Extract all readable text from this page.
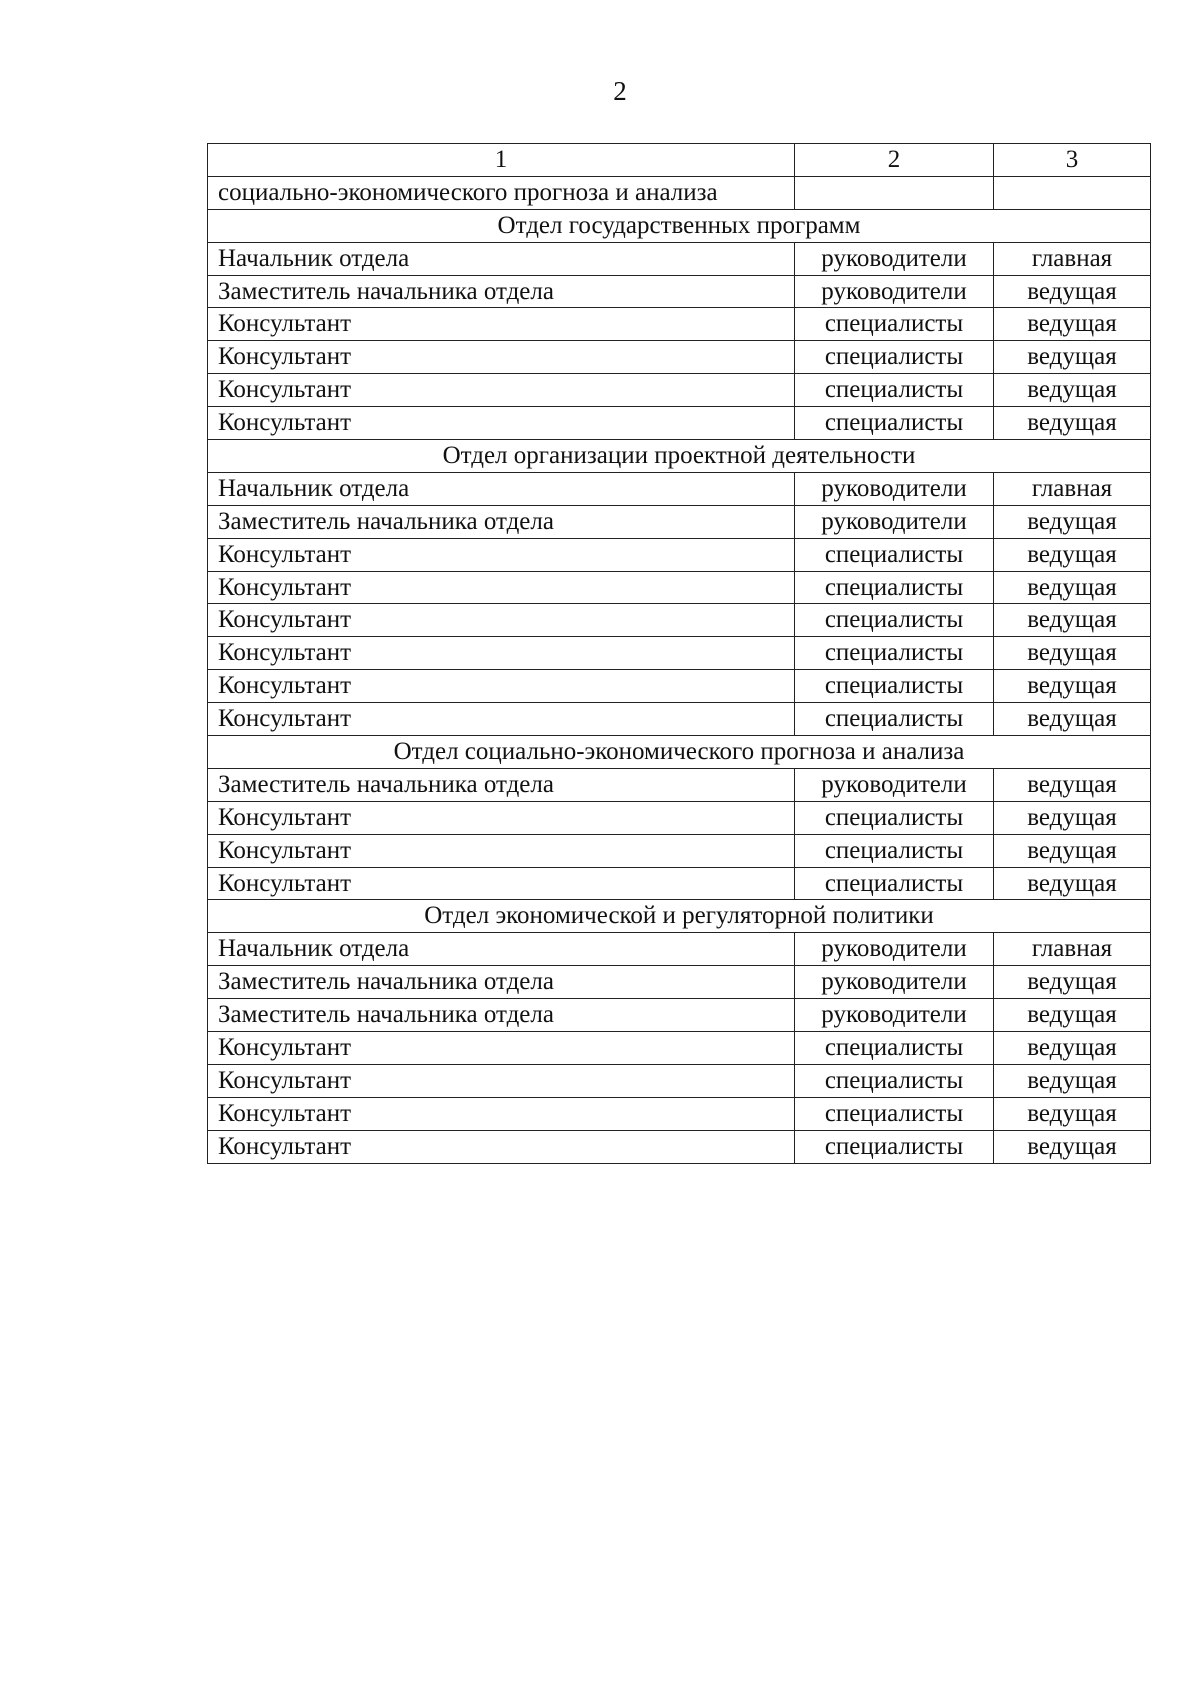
2
1	2	3
социально-экономического прогноза и анализа		
Отдел государственных программ		
Начальник отдела	руководители	главная
Заместитель начальника отдела	руководители	ведущая
Консультант	специалисты	ведущая
Консультант	специалисты	ведущая
Консультант	специалисты	ведущая
Консультант	специалисты	ведущая
Отдел организации проектной деятельности		
Начальник отдела	руководители	главная
Заместитель начальника отдела	руководители	ведущая
Консультант	специалисты	ведущая
Консультант	специалисты	ведущая
Консультант	специалисты	ведущая
Консультант	специалисты	ведущая
Консультант	специалисты	ведущая
Консультант	специалисты	ведущая
Отдел социально-экономического прогноза и анализа		
Заместитель начальника отдела	руководители	ведущая
Консультант	специалисты	ведущая
Консультант	специалисты	ведущая
Консультант	специалисты	ведущая
Отдел экономической и регуляторной политики		
Начальник отдела	руководители	главная
Заместитель начальника отдела	руководители	ведущая
Заместитель начальника отдела	руководители	ведущая
Консультант	специалисты	ведущая
Консультант	специалисты	ведущая
Консультант	специалисты	ведущая
Консультант	специалисты	ведущая
